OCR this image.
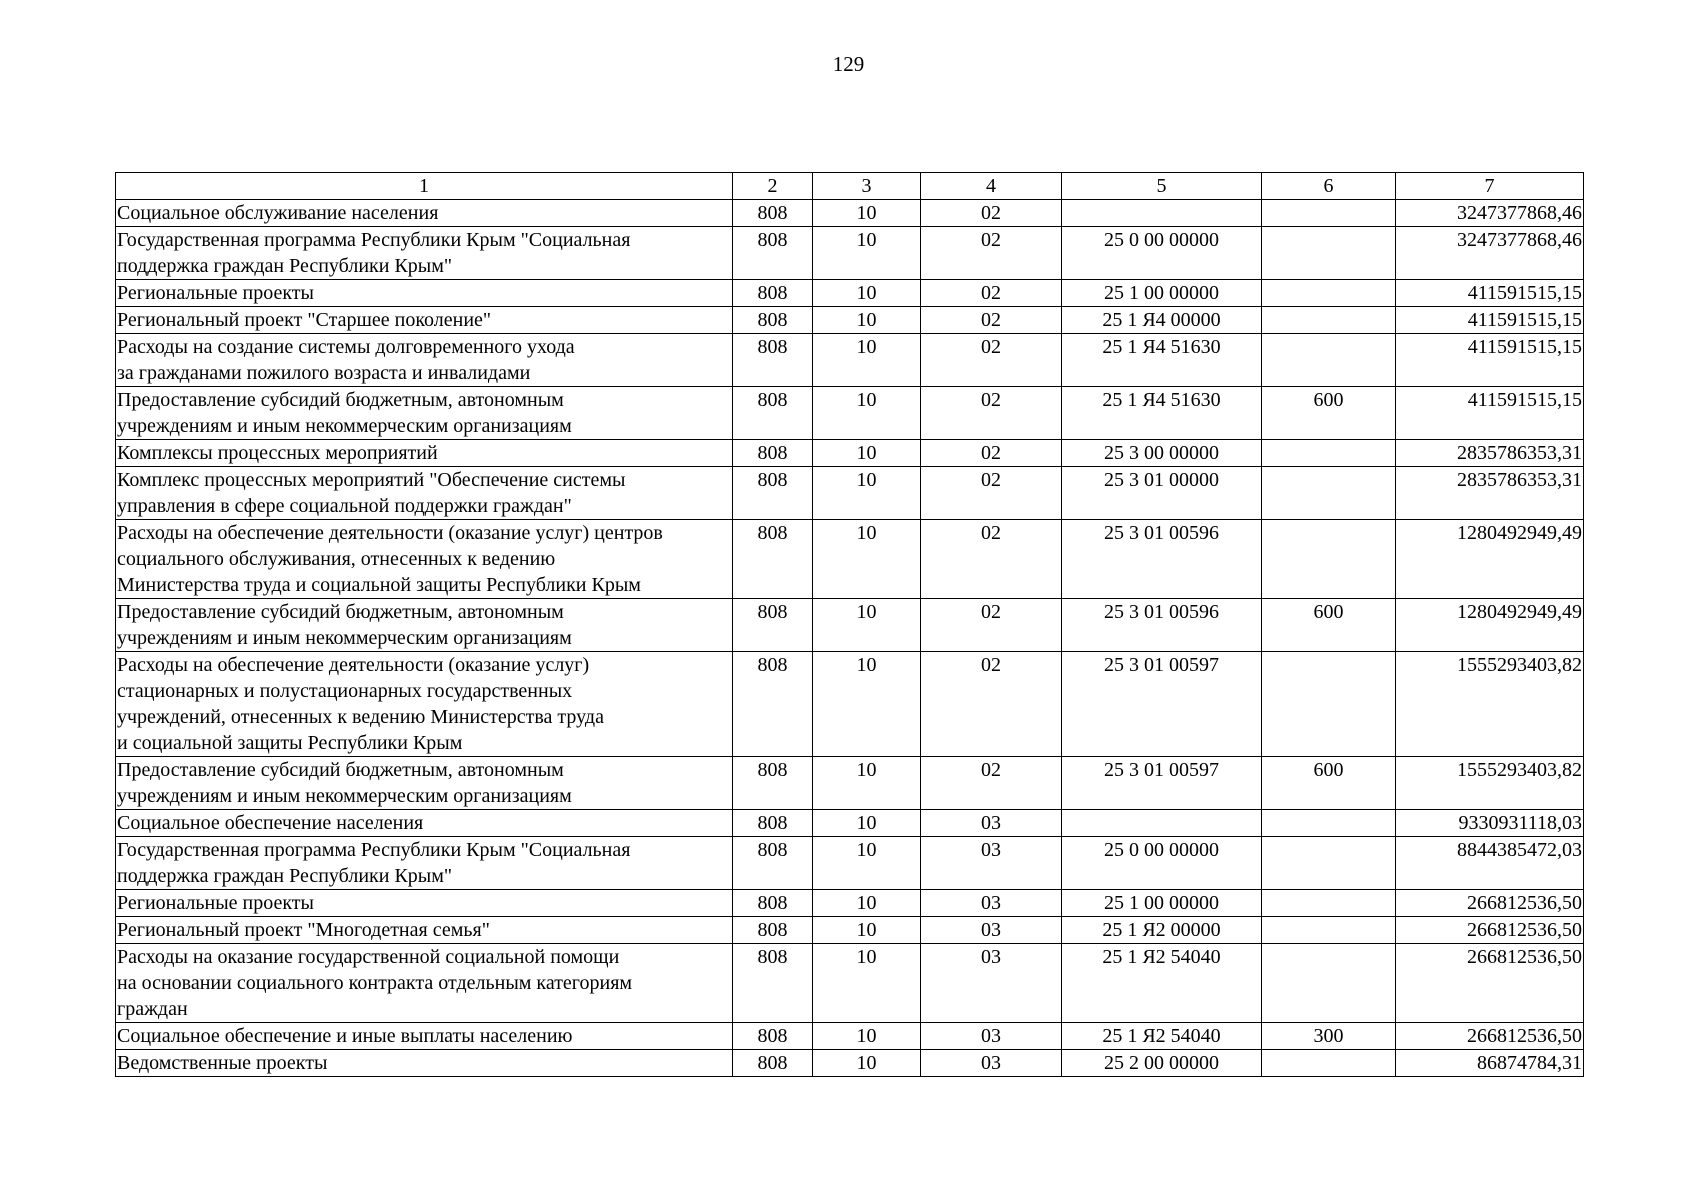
129
1	2	3	4	5	6	7
Социальное обслуживание населения	808	10	02			3247377868,46
Государственная программа Республики Крым "Социальная
поддержка граждан Республики Крым"	808	10	02	25 0 00 00000		3247377868,46
Региональные проекты	808	10	02	25 1 00 00000		411591515,15
Региональный проект "Старшее поколение"	808	10	02	25 1 Я4 00000		411591515,15
Расходы на создание системы долговременного ухода
за гражданами пожилого возраста и инвалидами	808	10	02	25 1 Я4 51630		411591515,15
Предоставление субсидий бюджетным, автономным
учреждениям и иным некоммерческим организациям	808	10	02	25 1 Я4 51630	600	411591515,15
Комплексы процессных мероприятий	808	10	02	25 3 00 00000		2835786353,31
Комплекс процессных мероприятий "Обеспечение системы
управления в сфере социальной поддержки граждан"	808	10	02	25 3 01 00000		2835786353,31
Расходы на обеспечение деятельности (оказание услуг) центров
социального обслуживания, отнесенных к ведению
Министерства труда и социальной защиты Республики Крым	808	10	02	25 3 01 00596		1280492949,49
Предоставление субсидий бюджетным, автономным
учреждениям и иным некоммерческим организациям	808	10	02	25 3 01 00596	600	1280492949,49
Расходы на обеспечение деятельности (оказание услуг)
стационарных и полустационарных государственных
учреждений, отнесенных к ведению Министерства труда
и социальной защиты Республики Крым	808	10	02	25 3 01 00597		1555293403,82
Предоставление субсидий бюджетным, автономным
учреждениям и иным некоммерческим организациям	808	10	02	25 3 01 00597	600	1555293403,82
Социальное обеспечение населения	808	10	03			9330931118,03
Государственная программа Республики Крым "Социальная
поддержка граждан Республики Крым"	808	10	03	25 0 00 00000		8844385472,03
Региональные проекты	808	10	03	25 1 00 00000		266812536,50
Региональный проект "Многодетная семья"	808	10	03	25 1 Я2 00000		266812536,50
Расходы на оказание государственной социальной помощи
на основании социального контракта отдельным категориям
граждан	808	10	03	25 1 Я2 54040		266812536,50
Социальное обеспечение и иные выплаты населению	808	10	03	25 1 Я2 54040	300	266812536,50
Ведомственные проекты	808	10	03	25 2 00 00000		86874784,31
